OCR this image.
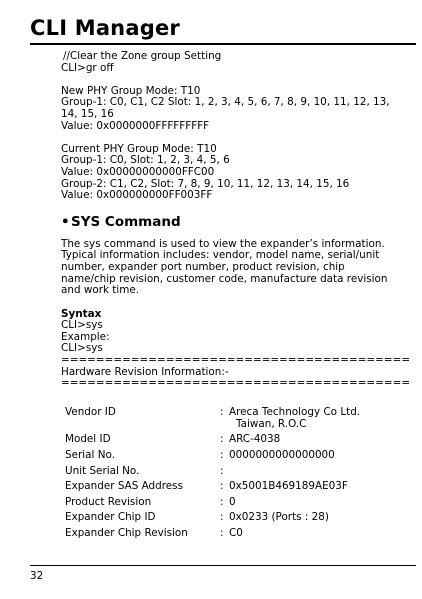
CLI Manager
//Clear the Zone group Setting
CLI>gr off
New PHY Group Mode: T10
Group-1: C0, C1, C2 Slot: 1, 2, 3, 4, 5, 6, 7, 8, 9, 10, 11, 12, 13,
14, 15, 16
Value: 0x0000000FFFFFFFFF
Current PHY Group Mode: T10
Group-1: C0, Slot: 1, 2, 3, 4, 5, 6
Value: 0x00000000000FFC00
Group-2: C1, C2, Slot: 7, 8, 9, 10, 11, 12, 13, 14, 15, 16
Value: 0x000000000FF003FF
•SYS Command
The sys command is used to view the expander’s information. Typical information includes: vendor, model name, serial/unit number, expander port number, product revision, chip name/chip revision, customer code, manufacture data revision and work time.
Syntax
CLI>sys
Example:
CLI>sys
========================================
Hardware Revision Information:-
========================================
Vendor ID	:	Areca Technology Co Ltd.
Taiwan, R.O.C

Model ID	:	ARC-4038
Serial No.	:	0000000000000000
Unit Serial No.	:	
Expander SAS Address	:	0x5001B469189AE03F
Product Revision	:	0
Expander Chip ID	:	0x0233 (Ports : 28)
Expander Chip Revision	:	C0
32
